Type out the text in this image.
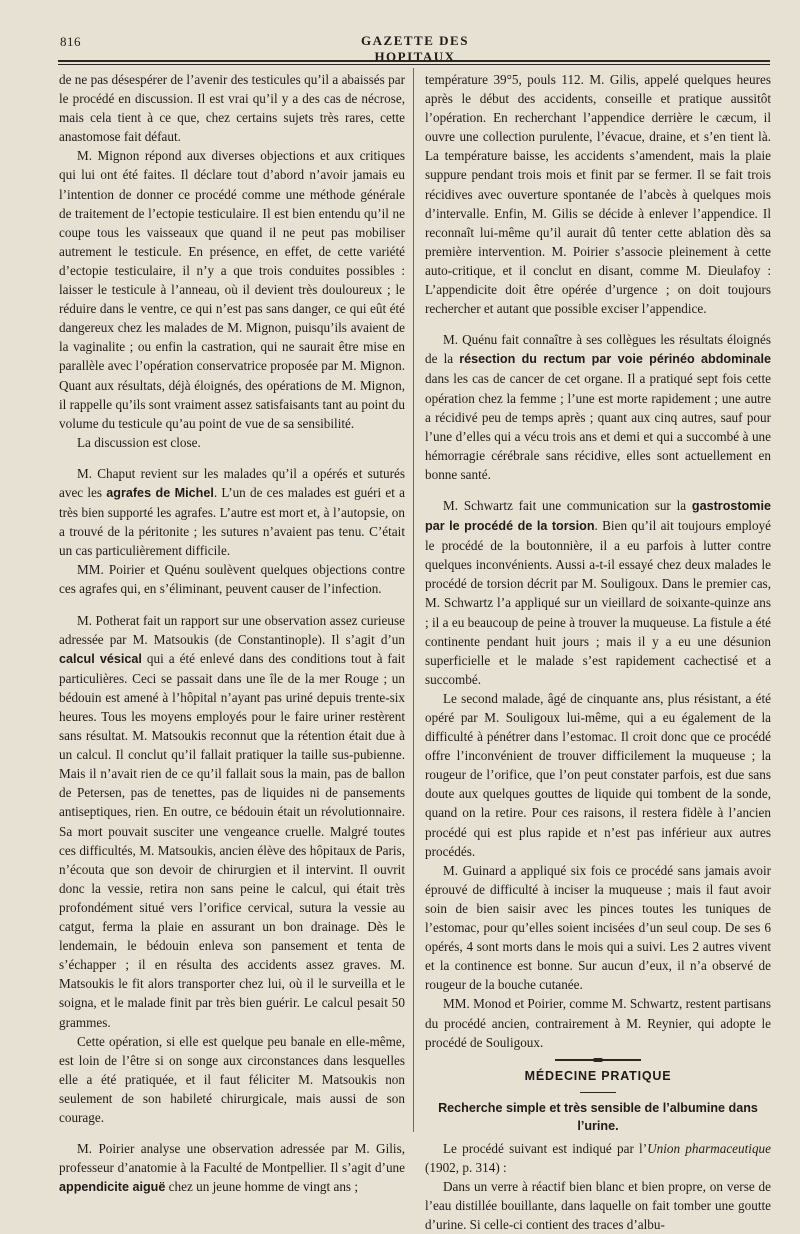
816	GAZETTE DES HOPITAUX

de ne pas désespérer de l’avenir des testicules qu’il a abaissés par le procédé en discussion. Il est vrai qu’il y a des cas de nécrose, mais cela tient à ce que, chez certains sujets très rares, cette anastomose fait défaut.

M. Mignon répond aux diverses objections et aux critiques qui lui ont été faites. Il déclare tout d’abord n’avoir jamais eu l’intention de donner ce procédé comme une méthode générale de traitement de l’ectopie testiculaire. Il est bien entendu qu’il ne coupe tous les vaisseaux que quand il ne peut pas mobiliser autrement le testicule. En présence, en effet, de cette variété d’ectopie testiculaire, il n’y a que trois conduites possibles : laisser le testicule à l’anneau, où il devient très douloureux ; le réduire dans le ventre, ce qui n’est pas sans danger, ce qui eût été dangereux chez les malades de M. Mignon, puisqu’ils avaient de la vaginalite ; ou enfin la castration, qui ne saurait être mise en parallèle avec l’opération conservatrice proposée par M. Mignon. Quant aux résultats, déjà éloignés, des opérations de M. Mignon, il rappelle qu’ils sont vraiment assez satisfaisants tant au point du volume du testicule qu’au point de vue de sa sensibilité.

La discussion est close.

M. Chaput revient sur les malades qu’il a opérés et suturés avec les agrafes de Michel. L’un de ces malades est guéri et a très bien supporté les agrafes. L’autre est mort et, à l’autopsie, on a trouvé de la péritonite ; les sutures n’avaient pas tenu. C’était un cas particulièrement difficile.

MM. Poirier et Quénu soulèvent quelques objections contre ces agrafes qui, en s’éliminant, peuvent causer de l’infection.

M. Potherat fait un rapport sur une observation assez curieuse adressée par M. Matsoukis (de Constantinople). Il s’agit d’un calcul vésical qui a été enlevé dans des conditions tout à fait particulières. Ceci se passait dans une île de la mer Rouge ; un bédouin est amené à l’hôpital n’ayant pas uriné depuis trente-six heures. Tous les moyens employés pour le faire uriner restèrent sans résultat. M. Matsoukis reconnut que la rétention était due à un calcul. Il conclut qu’il fallait pratiquer la taille sus-pubienne. Mais il n’avait rien de ce qu’il fallait sous la main, pas de ballon de Petersen, pas de tenettes, pas de liquides ni de pansements antiseptiques, rien. En outre, ce bédouin était un révolutionnaire. Sa mort pouvait susciter une vengeance cruelle. Malgré toutes ces difficultés, M. Matsoukis, ancien élève des hôpitaux de Paris, n’écouta que son devoir de chirurgien et il intervint. Il ouvrit donc la vessie, retira non sans peine le calcul, qui était très profondément situé vers l’orifice cervical, sutura la vessie au catgut, ferma la plaie en assurant un bon drainage. Dès le lendemain, le bédouin enleva son pansement et tenta de s’échapper ; il en résulta des accidents assez graves. M. Matsoukis le fit alors transporter chez lui, où il le surveilla et le soigna, et le malade finit par très bien guérir. Le calcul pesait 50 grammes.

Cette opération, si elle est quelque peu banale en elle-même, est loin de l’être si on songe aux circonstances dans lesquelles elle a été pratiquée, et il faut féliciter M. Matsoukis non seulement de son habileté chirurgicale, mais aussi de son courage.

M. Poirier analyse une observation adressée par M. Gilis, professeur d’anatomie à la Faculté de Montpellier. Il s’agit d’une appendicite aiguë chez un jeune homme de vingt ans ;

température 39°5, pouls 112. M. Gilis, appelé quelques heures après le début des accidents, conseille et pratique aussitôt l’opération. En recherchant l’appendice derrière le cæcum, il ouvre une collection purulente, l’évacue, draine, et s’en tient là. La température baisse, les accidents s’amendent, mais la plaie suppure pendant trois mois et finit par se fermer. Il se fait trois récidives avec ouverture spontanée de l’abcès à quelques mois d’intervalle. Enfin, M. Gilis se décide à enlever l’appendice. Il reconnaît lui-même qu’il aurait dû tenter cette ablation dès sa première intervention. M. Poirier s’associe pleinement à cette auto-critique, et il conclut en disant, comme M. Dieulafoy : L’appendicite doit être opérée d’urgence ; on doit toujours rechercher et autant que possible exciser l’appendice.

M. Quénu fait connaître à ses collègues les résultats éloignés de la résection du rectum par voie périnéo abdominale dans les cas de cancer de cet organe. Il a pratiqué sept fois cette opération chez la femme ; l’une est morte rapidement ; une autre a récidivé peu de temps après ; quant aux cinq autres, sauf pour l’une d’elles qui a vécu trois ans et demi et qui a succombé à une hémorragie cérébrale sans récidive, elles sont actuellement en bonne santé.

M. Schwartz fait une communication sur la gastrostomie par le procédé de la torsion. Bien qu’il ait toujours employé le procédé de la boutonnière, il a eu parfois à lutter contre quelques inconvénients. Aussi a-t-il essayé chez deux malades le procédé de torsion décrit par M. Souligoux. Dans le premier cas, M. Schwartz l’a appliqué sur un vieillard de soixante-quinze ans ; il a eu beaucoup de peine à trouver la muqueuse. La fistule a été continente pendant huit jours ; mais il y a eu une désunion superficielle et le malade s’est rapidement cachectisé et a succombé.

Le second malade, âgé de cinquante ans, plus résistant, a été opéré par M. Souligoux lui-même, qui a eu également de la difficulté à pénétrer dans l’estomac. Il croit donc que ce procédé offre l’inconvénient de trouver difficilement la muqueuse ; la rougeur de l’orifice, que l’on peut constater parfois, est due sans doute aux quelques gouttes de liquide qui tombent de la sonde, quand on la retire. Pour ces raisons, il restera fidèle à l’ancien procédé qui est plus rapide et n’est pas inférieur aux autres procédés.

M. Guinard a appliqué six fois ce procédé sans jamais avoir éprouvé de difficulté à inciser la muqueuse ; mais il faut avoir soin de bien saisir avec les pinces toutes les tuniques de l’estomac, pour qu’elles soient incisées d’un seul coup. De ses 6 opérés, 4 sont morts dans le mois qui a suivi. Les 2 autres vivent et la continence est bonne. Sur aucun d’eux, il n’a observé de rougeur de la bouche cutanée.

MM. Monod et Poirier, comme M. Schwartz, restent partisans du procédé ancien, contrairement à M. Reynier, qui adopte le procédé de Souligoux.

MÉDECINE PRATIQUE
Recherche simple et très sensible de l’albumine dans l’urine.

Le procédé suivant est indiqué par l’Union pharmaceutique (1902, p. 314) :

Dans un verre à réactif bien blanc et bien propre, on verse de l’eau distillée bouillante, dans laquelle on fait tomber une goutte d’urine. Si celle-ci contient des traces d’albu-
